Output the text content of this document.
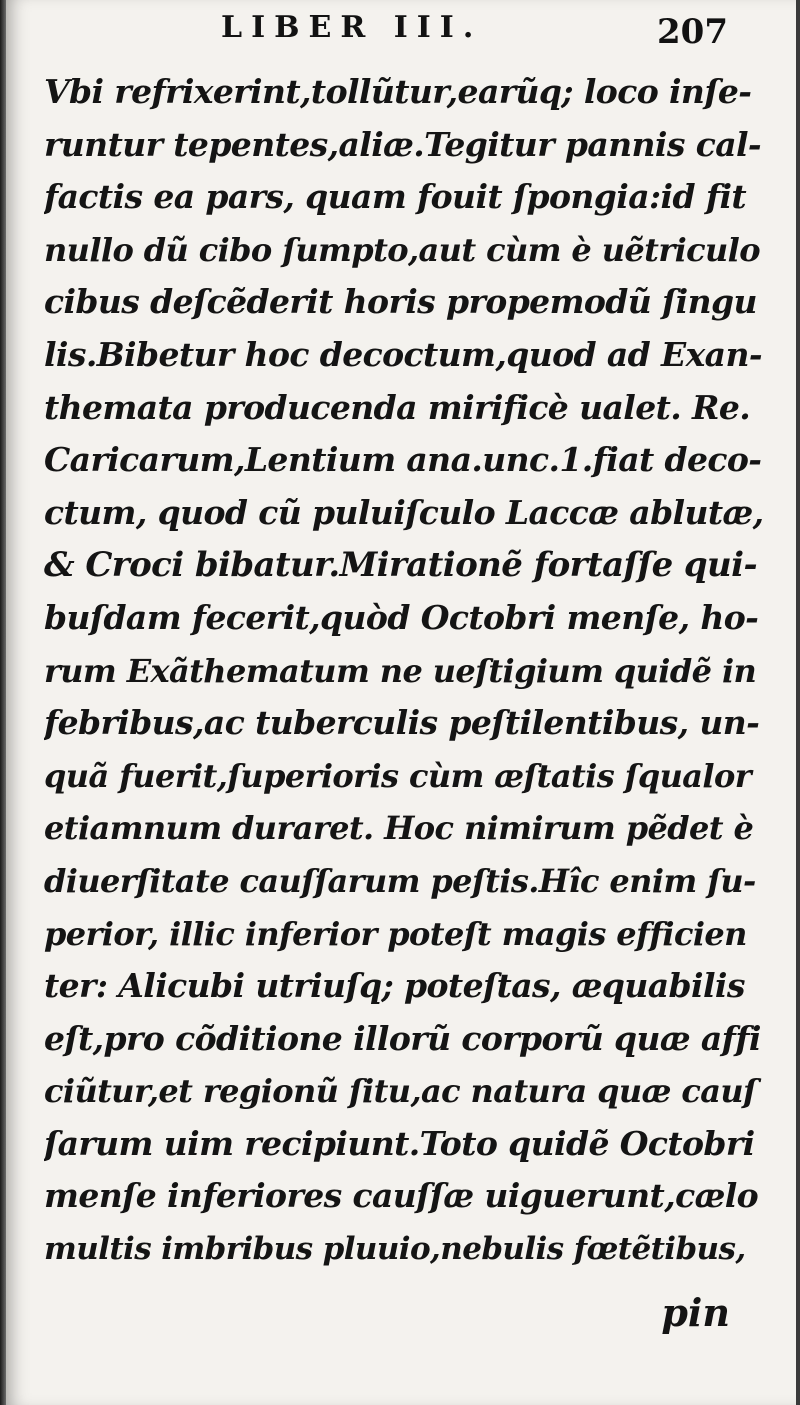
LIBER III.	207
Vbi refrixerint,tollũtur,earũq; loco inſe-
runtur tepentes,aliæ.Tegitur pannis cal-
factis ea pars, quam fouit ſpongia:id fit
nullo dũ cibo ſumpto,aut cùm è uẽtriculo
cibus deſcẽderit horis propemodũ ſingu
lis.Bibetur hoc decoctum,quod ad Exan-
themata producenda mirificè ualet. Re.
Caricarum,Lentium ana.unc.1.fiat deco-
ctum, quod cũ puluiſculo Laccæ ablutæ,
& Croci bibatur.Mirationẽ fortaſſe qui-
buſdam fecerit,quòd Octobri menſe, ho-
rum Exãthematum ne ueſtigium quidẽ in
febribus,ac tuberculis peſtilentibus, un-
quã fuerit,ſuperioris cùm æſtatis ſqualor
etiamnum duraret. Hoc nimirum pẽdet è
diuerſitate cauſſarum peſtis.Hîc enim ſu-
perior, illic inferior poteſt magis efficien
ter: Alicubi utriuſq; poteſtas, æquabilis
eſt,pro cõditione illorũ corporũ quæ affi
ciũtur,et regionũ ſitu,ac natura quæ cauſ
ſarum uim recipiunt.Toto quidẽ Octobri
menſe inferiores cauſſæ uiguerunt,cælo
multis imbribus pluuio,nebulis fœtẽtibus,
pin
